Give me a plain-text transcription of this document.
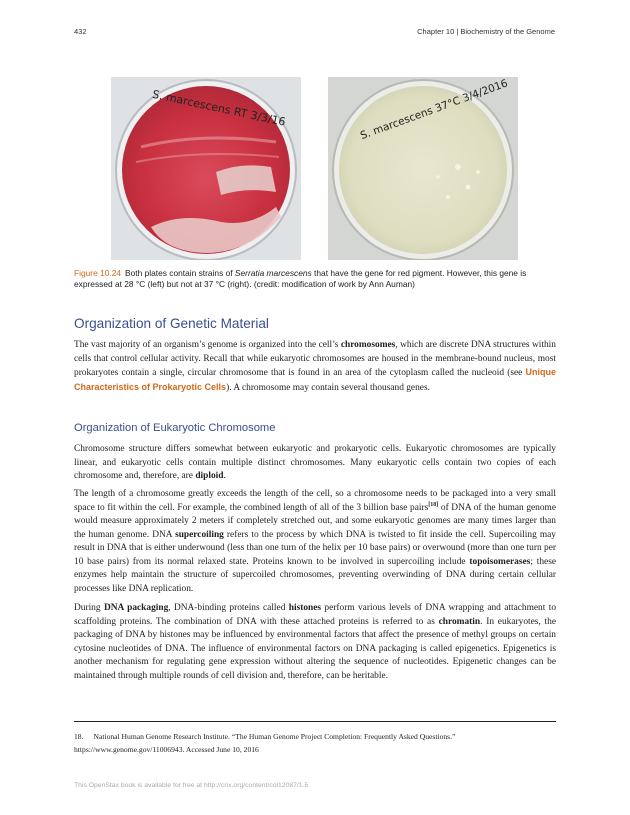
432	Chapter 10 | Biochemistry of the Genome
S. marcescens RT 3/3/16	S. marcescens 37°C 3/4/2016
Figure 10.24 Both plates contain strains of Serratia marcescens that have the gene for red pigment. However, this gene is expressed at 28 °C (left) but not at 37 °C (right). (credit: modification of work by Ann Auman)
Organization of Genetic Material

The vast majority of an organism’s genome is organized into the cell’s chromosomes, which are discrete DNA structures within cells that control cellular activity. Recall that while eukaryotic chromosomes are housed in the membrane-bound nucleus, most prokaryotes contain a single, circular chromosome that is found in an area of the cytoplasm called the nucleoid (see Unique Characteristics of Prokaryotic Cells). A chromosome may contain several thousand genes.

Organization of Eukaryotic Chromosome

Chromosome structure differs somewhat between eukaryotic and prokaryotic cells. Eukaryotic chromosomes are typically linear, and eukaryotic cells contain multiple distinct chromosomes. Many eukaryotic cells contain two copies of each chromosome and, therefore, are diploid.

The length of a chromosome greatly exceeds the length of the cell, so a chromosome needs to be packaged into a very small space to fit within the cell. For example, the combined length of all of the 3 billion base pairs[18] of DNA of the human genome would measure approximately 2 meters if completely stretched out, and some eukaryotic genomes are many times larger than the human genome. DNA supercoiling refers to the process by which DNA is twisted to fit inside the cell. Supercoiling may result in DNA that is either underwound (less than one turn of the helix per 10 base pairs) or overwound (more than one turn per 10 base pairs) from its normal relaxed state. Proteins known to be involved in supercoiling include topoisomerases; these enzymes help maintain the structure of supercoiled chromosomes, preventing overwinding of DNA during certain cellular processes like DNA replication.

During DNA packaging, DNA-binding proteins called histones perform various levels of DNA wrapping and attachment to scaffolding proteins. The combination of DNA with these attached proteins is referred to as chromatin. In eukaryotes, the packaging of DNA by histones may be influenced by environmental factors that affect the presence of methyl groups on certain cytosine nucleotides of DNA. The influence of environmental factors on DNA packaging is called epigenetics. Epigenetics is another mechanism for regulating gene expression without altering the sequence of nucleotides. Epigenetic changes can be maintained through multiple rounds of cell division and, therefore, can be heritable.

18. National Human Genome Research Institute. “The Human Genome Project Completion: Frequently Asked Questions.” https://www.genome.gov/11006943. Accessed June 10, 2016
This OpenStax book is available for free at http://cnx.org/content/col12087/1.5
